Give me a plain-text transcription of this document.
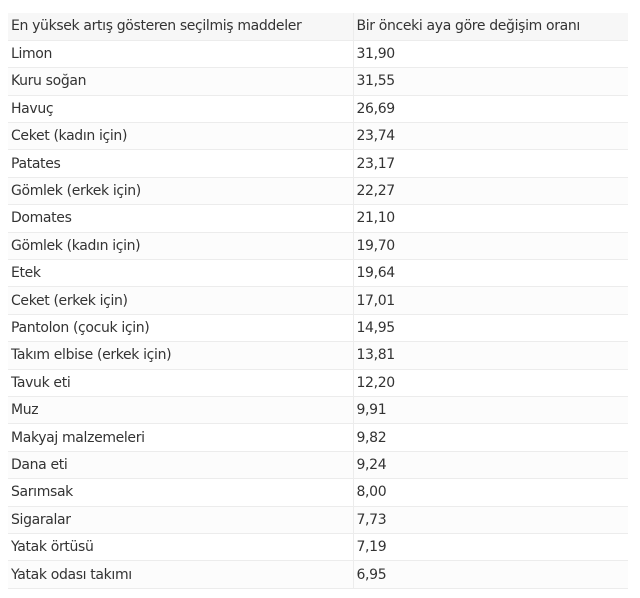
En yüksek artış gösteren seçilmiş maddeler	Bir önceki aya göre değişim oranı
Limon	31,90
Kuru soğan	31,55
Havuç	26,69
Ceket (kadın için)	23,74
Patates	23,17
Gömlek (erkek için)	22,27
Domates	21,10
Gömlek (kadın için)	19,70
Etek	19,64
Ceket (erkek için)	17,01
Pantolon (çocuk için)	14,95
Takım elbise (erkek için)	13,81
Tavuk eti	12,20
Muz	9,91
Makyaj malzemeleri	9,82
Dana eti	9,24
Sarımsak	8,00
Sigaralar	7,73
Yatak örtüsü	7,19
Yatak odası takımı	6,95
